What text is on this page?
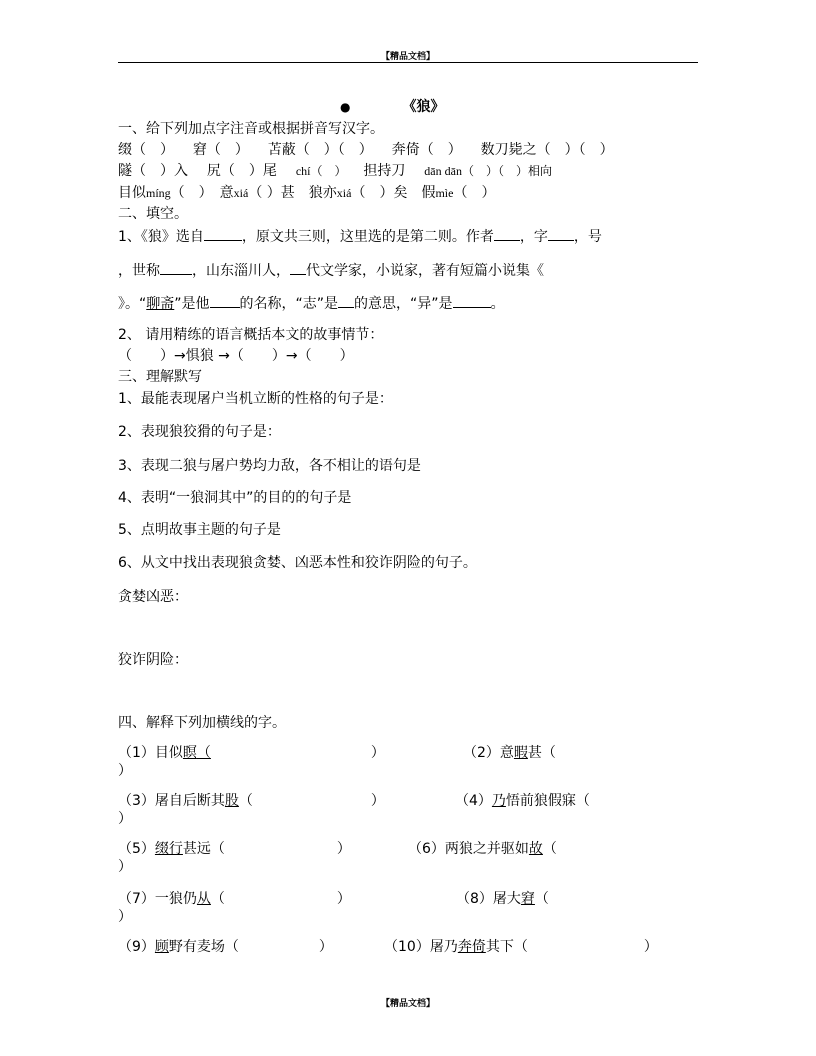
【精品文档】
●	《狼》
一、给下列加点字注音或根据拼音写汉字。
缀（　） 窘（　） 苫蔽（　）（　） 奔倚（　） 数刀毙之（　）（　）
隧（　）入 尻（　）尾 chí（　） 担持刀 dān dān（　）（　）相向
目似míng（　）　意xiá（ ）甚　狼亦xiá（　）矣　假mìe（　）
二、填空。
1、《狼》选自	，原文共三则，这里选的是第二则。作者 ，字 ，号
，世称 ，山东淄川人， 代文学家，小说家，著有短篇小说集《
》。“聊斋”是他 的名称，“志”是 的意思，“异”是	。
2、 请用精练的语言概括本文的故事情节：
（　　）→惧狼 →（　　）→（　　）
三、理解默写
1、最能表现屠户当机立断的性格的句子是：
2、表现狼狡猾的句子是：
3、表现二狼与屠户势均力敌，各不相让的语句是
4、表明“一狼洞其中”的目的的句子是
5、点明故事主题的句子是
6、从文中找出表现狼贪婪、凶恶本性和狡诈阴险的句子。
贪婪凶恶：
狡诈阴险：
四、解释下列加横线的字。
（1）目似瞑（	）	（2）意暇甚（
）
（3）屠自后断其股（	）	（4）乃悟前狼假寐（
）
（5）缀行甚远（	）	（6）两狼之并驱如故（
）
（7）一狼仍从（	）	（8）屠大窘（
）
（9）顾野有麦场（	）	（10）屠乃奔倚其下（	）
【精品文档】
